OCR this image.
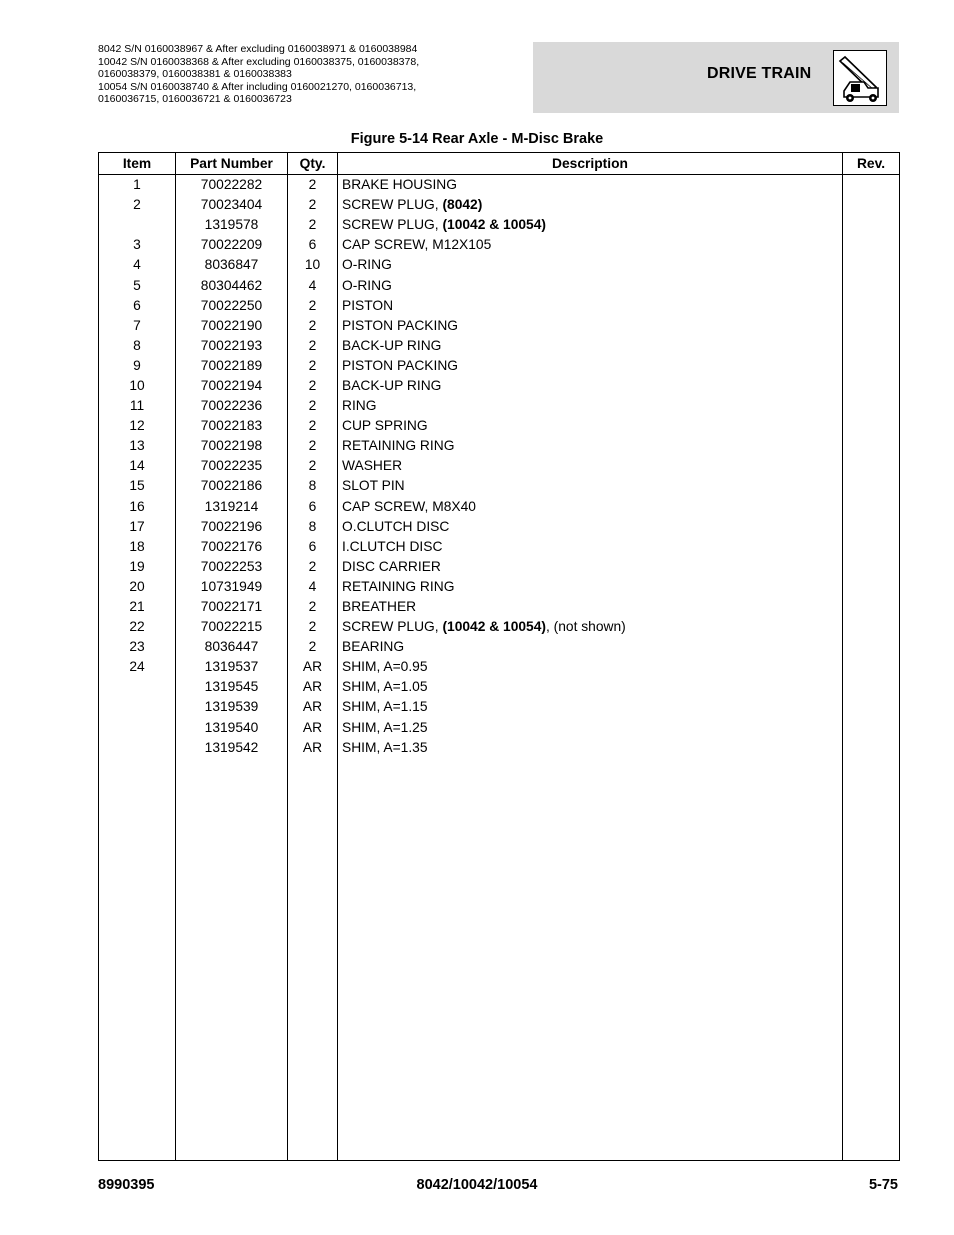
8042 S/N 0160038967 & After excluding 0160038971 & 0160038984
10042 S/N 0160038368 & After excluding 0160038375, 0160038378,
0160038379, 0160038381 & 0160038383
10054 S/N 0160038740 & After including 0160021270, 0160036713,
0160036715, 0160036721 & 0160036723
DRIVE TRAIN
Figure 5-14 Rear Axle - M-Disc Brake
Item	Part Number	Qty.	Description	Rev.
1	70022282	2	BRAKE HOUSING	
2	70023404	2	SCREW PLUG, (8042)	
	1319578	2	SCREW PLUG, (10042 & 10054)	
3	70022209	6	CAP SCREW, M12X105	
4	8036847	10	O-RING	
5	80304462	4	O-RING	
6	70022250	2	PISTON	
7	70022190	2	PISTON PACKING	
8	70022193	2	BACK-UP RING	
9	70022189	2	PISTON PACKING	
10	70022194	2	BACK-UP RING	
11	70022236	2	RING	
12	70022183	2	CUP SPRING	
13	70022198	2	RETAINING RING	
14	70022235	2	WASHER	
15	70022186	8	SLOT PIN	
16	1319214	6	CAP SCREW, M8X40	
17	70022196	8	O.CLUTCH DISC	
18	70022176	6	I.CLUTCH DISC	
19	70022253	2	DISC CARRIER	
20	10731949	4	RETAINING RING	
21	70022171	2	BREATHER	
22	70022215	2	SCREW PLUG, (10042 & 10054), (not shown)	
23	8036447	2	BEARING	
24	1319537	AR	SHIM, A=0.95	
	1319545	AR	SHIM, A=1.05	
	1319539	AR	SHIM, A=1.15	
	1319540	AR	SHIM, A=1.25	
	1319542	AR	SHIM, A=1.35	

8990395	8042/10042/10054	5-75
